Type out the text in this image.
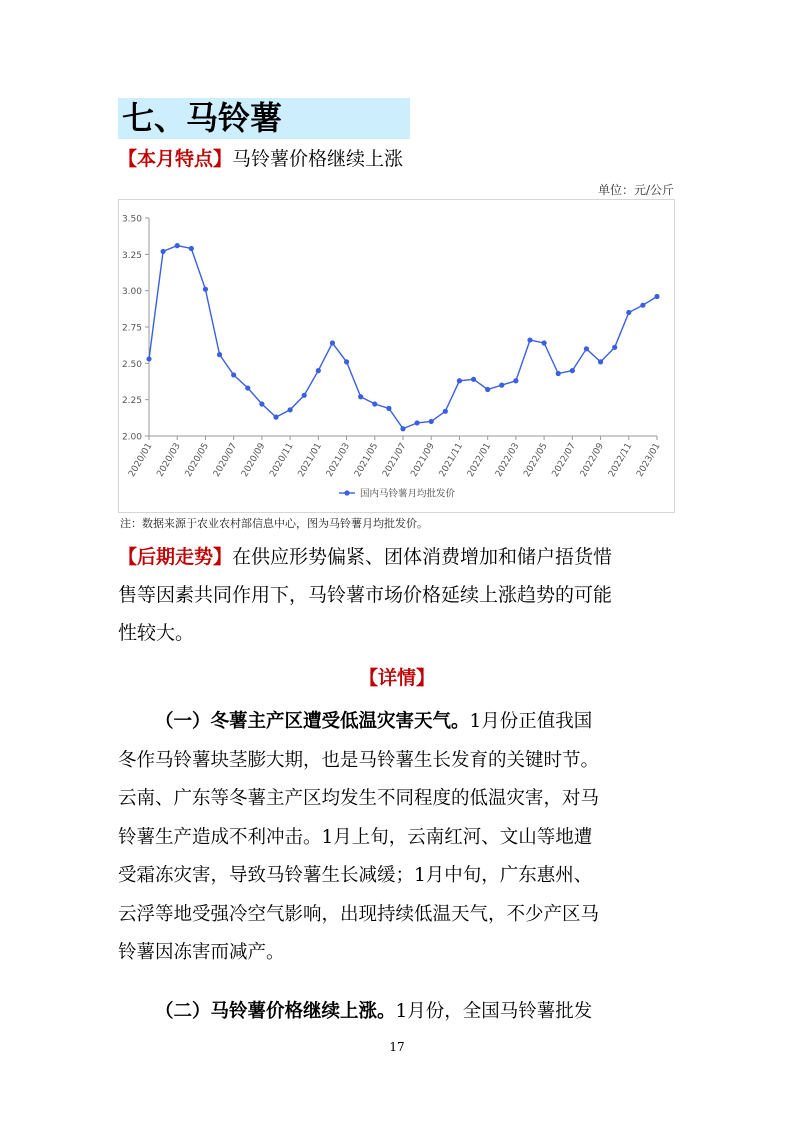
七、马铃薯
【本月特点】马铃薯价格继续上涨
单位：元/公斤
2.00
2.25
2.50
2.75
3.00
3.25
3.50
2020/01 2020/03 2020/05 2020/07 2020/09 2020/11 2021/01 2021/03 2021/05 2021/07 2021/09 2021/11 2022/01 2022/03 2022/05 2022/07 2022/09 2022/11 2023/01
国内马铃薯月均批发价
注：数据来源于农业农村部信息中心，图为马铃薯月均批发价。

【后期走势】在供应形势偏紧、团体消费增加和储户捂货惜

售等因素共同作用下，马铃薯市场价格延续上涨趋势的可能

性较大。

【详情】

（一）冬薯主产区遭受低温灾害天气。1月份正值我国

冬作马铃薯块茎膨大期，也是马铃薯生长发育的关键时节。

云南、广东等冬薯主产区均发生不同程度的低温灾害，对马

铃薯生产造成不利冲击。1月上旬，云南红河、文山等地遭

受霜冻灾害，导致马铃薯生长减缓；1月中旬，广东惠州、

云浮等地受强冷空气影响，出现持续低温天气，不少产区马

铃薯因冻害而减产。

（二）马铃薯价格继续上涨。1月份，全国马铃薯批发

17
